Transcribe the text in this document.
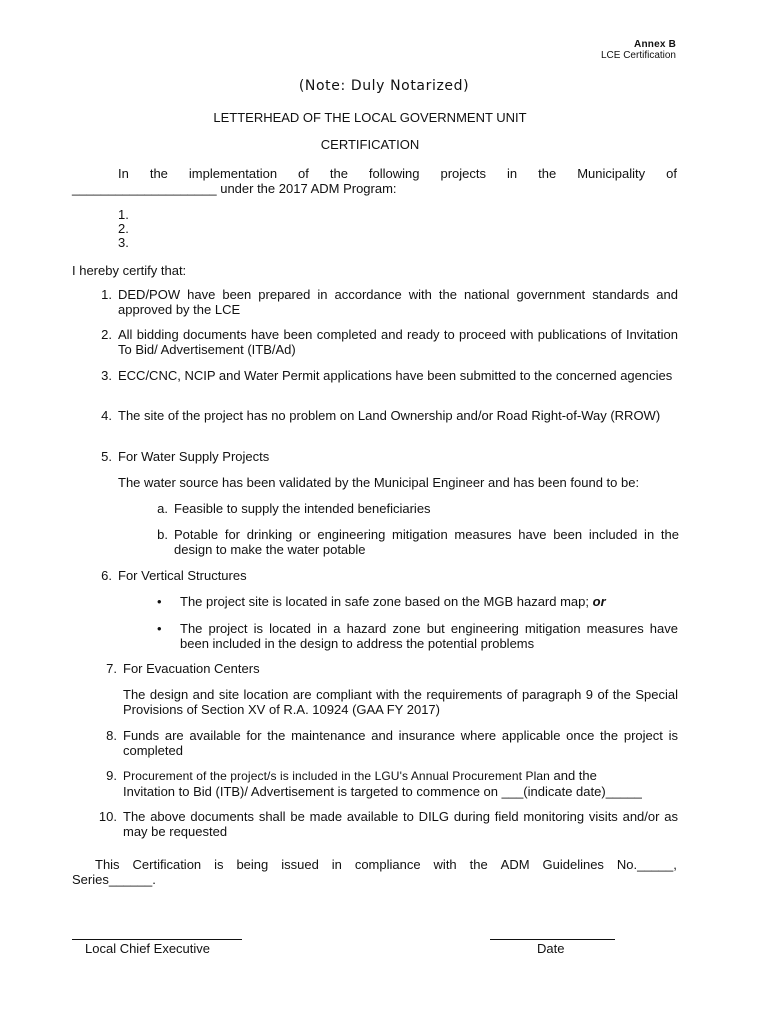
Annex B
LCE Certification
(Note: Duly Notarized)
LETTERHEAD OF THE LOCAL GOVERNMENT UNIT
CERTIFICATION
In the implementation of the following projects in the Municipality of
____________________ under the 2017 ADM Program:
1.
2.
3.
I hereby certify that:
1. DED/POW have been prepared in accordance with the national government standards and approved by the LCE
2. All bidding documents have been completed and ready to proceed with publications of Invitation To Bid/ Advertisement (ITB/Ad)
3. ECC/CNC, NCIP and Water Permit applications have been submitted to the concerned agencies
4. The site of the project has no problem on Land Ownership and/or Road Right-of-Way (RROW)
5. For Water Supply Projects
The water source has been validated by the Municipal Engineer and has been found to be:
a. Feasible to supply the intended beneficiaries
b. Potable for drinking or engineering mitigation measures have been included in the design to make the water potable
6. For Vertical Structures
• The project site is located in safe zone based on the MGB hazard map; or
• The project is located in a hazard zone but engineering mitigation measures have been included in the design to address the potential problems
7. For Evacuation Centers
The design and site location are compliant with the requirements of paragraph 9 of the Special Provisions of Section XV of R.A. 10924 (GAA FY 2017)
8. Funds are available for the maintenance and insurance where applicable once the project is completed
9. Procurement of the project/s is included in the LGU's Annual Procurement Plan and the
Invitation to Bid (ITB)/ Advertisement is targeted to commence on ___(indicate date)_____
10. The above documents shall be made available to DILG during field monitoring visits and/or as may be requested
This Certification is being issued in compliance with the ADM Guidelines No._____,
Series______.
Local Chief Executive	Date
